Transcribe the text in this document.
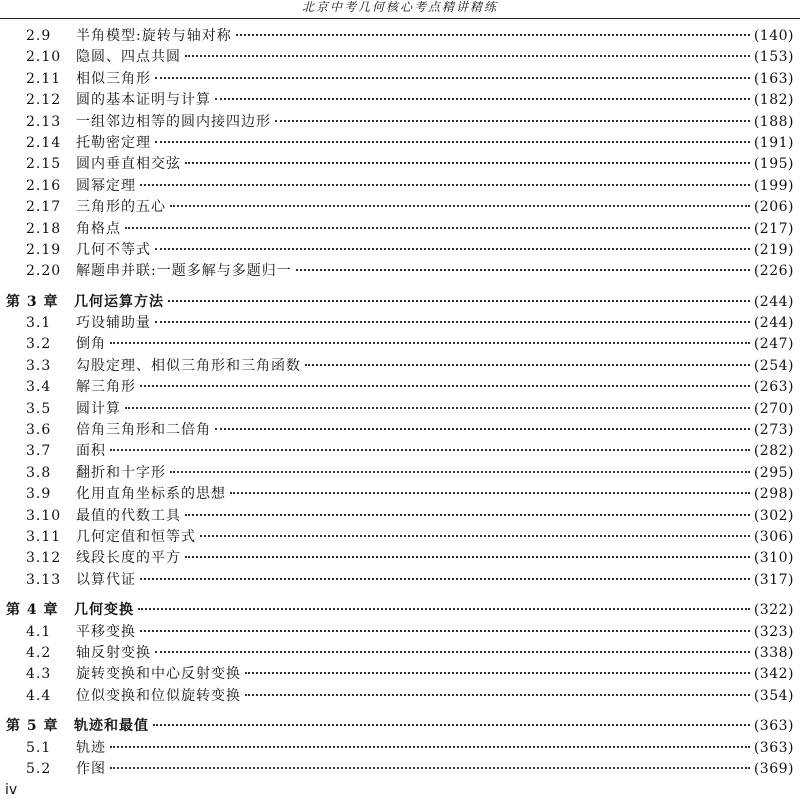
北京中考几何核心考点精讲精练
2.9	半角模型:旋转与轴对称	(140)
2.10	隐圆、四点共圆	(153)
2.11	相似三角形	(163)
2.12	圆的基本证明与计算	(182)
2.13	一组邻边相等的圆内接四边形	(188)
2.14	托勒密定理	(191)
2.15	圆内垂直相交弦	(195)
2.16	圆幂定理	(199)
2.17	三角形的五心	(206)
2.18	角格点	(217)
2.19	几何不等式	(219)
2.20	解题串并联:一题多解与多题归一	(226)
第 3 章	几何运算方法	(244)
3.1	巧设辅助量	(244)
3.2	倒角	(247)
3.3	勾股定理、相似三角形和三角函数	(254)
3.4	解三角形	(263)
3.5	圆计算	(270)
3.6	倍角三角形和二倍角	(273)
3.7	面积	(282)
3.8	翻折和十字形	(295)
3.9	化用直角坐标系的思想	(298)
3.10	最值的代数工具	(302)
3.11	几何定值和恒等式	(306)
3.12	线段长度的平方	(310)
3.13	以算代证	(317)
第 4 章	几何变换	(322)
4.1	平移变换	(323)
4.2	轴反射变换	(338)
4.3	旋转变换和中心反射变换	(342)
4.4	位似变换和位似旋转变换	(354)
第 5 章	轨迹和最值	(363)
5.1	轨迹	(363)
5.2	作图	(369)
iv
